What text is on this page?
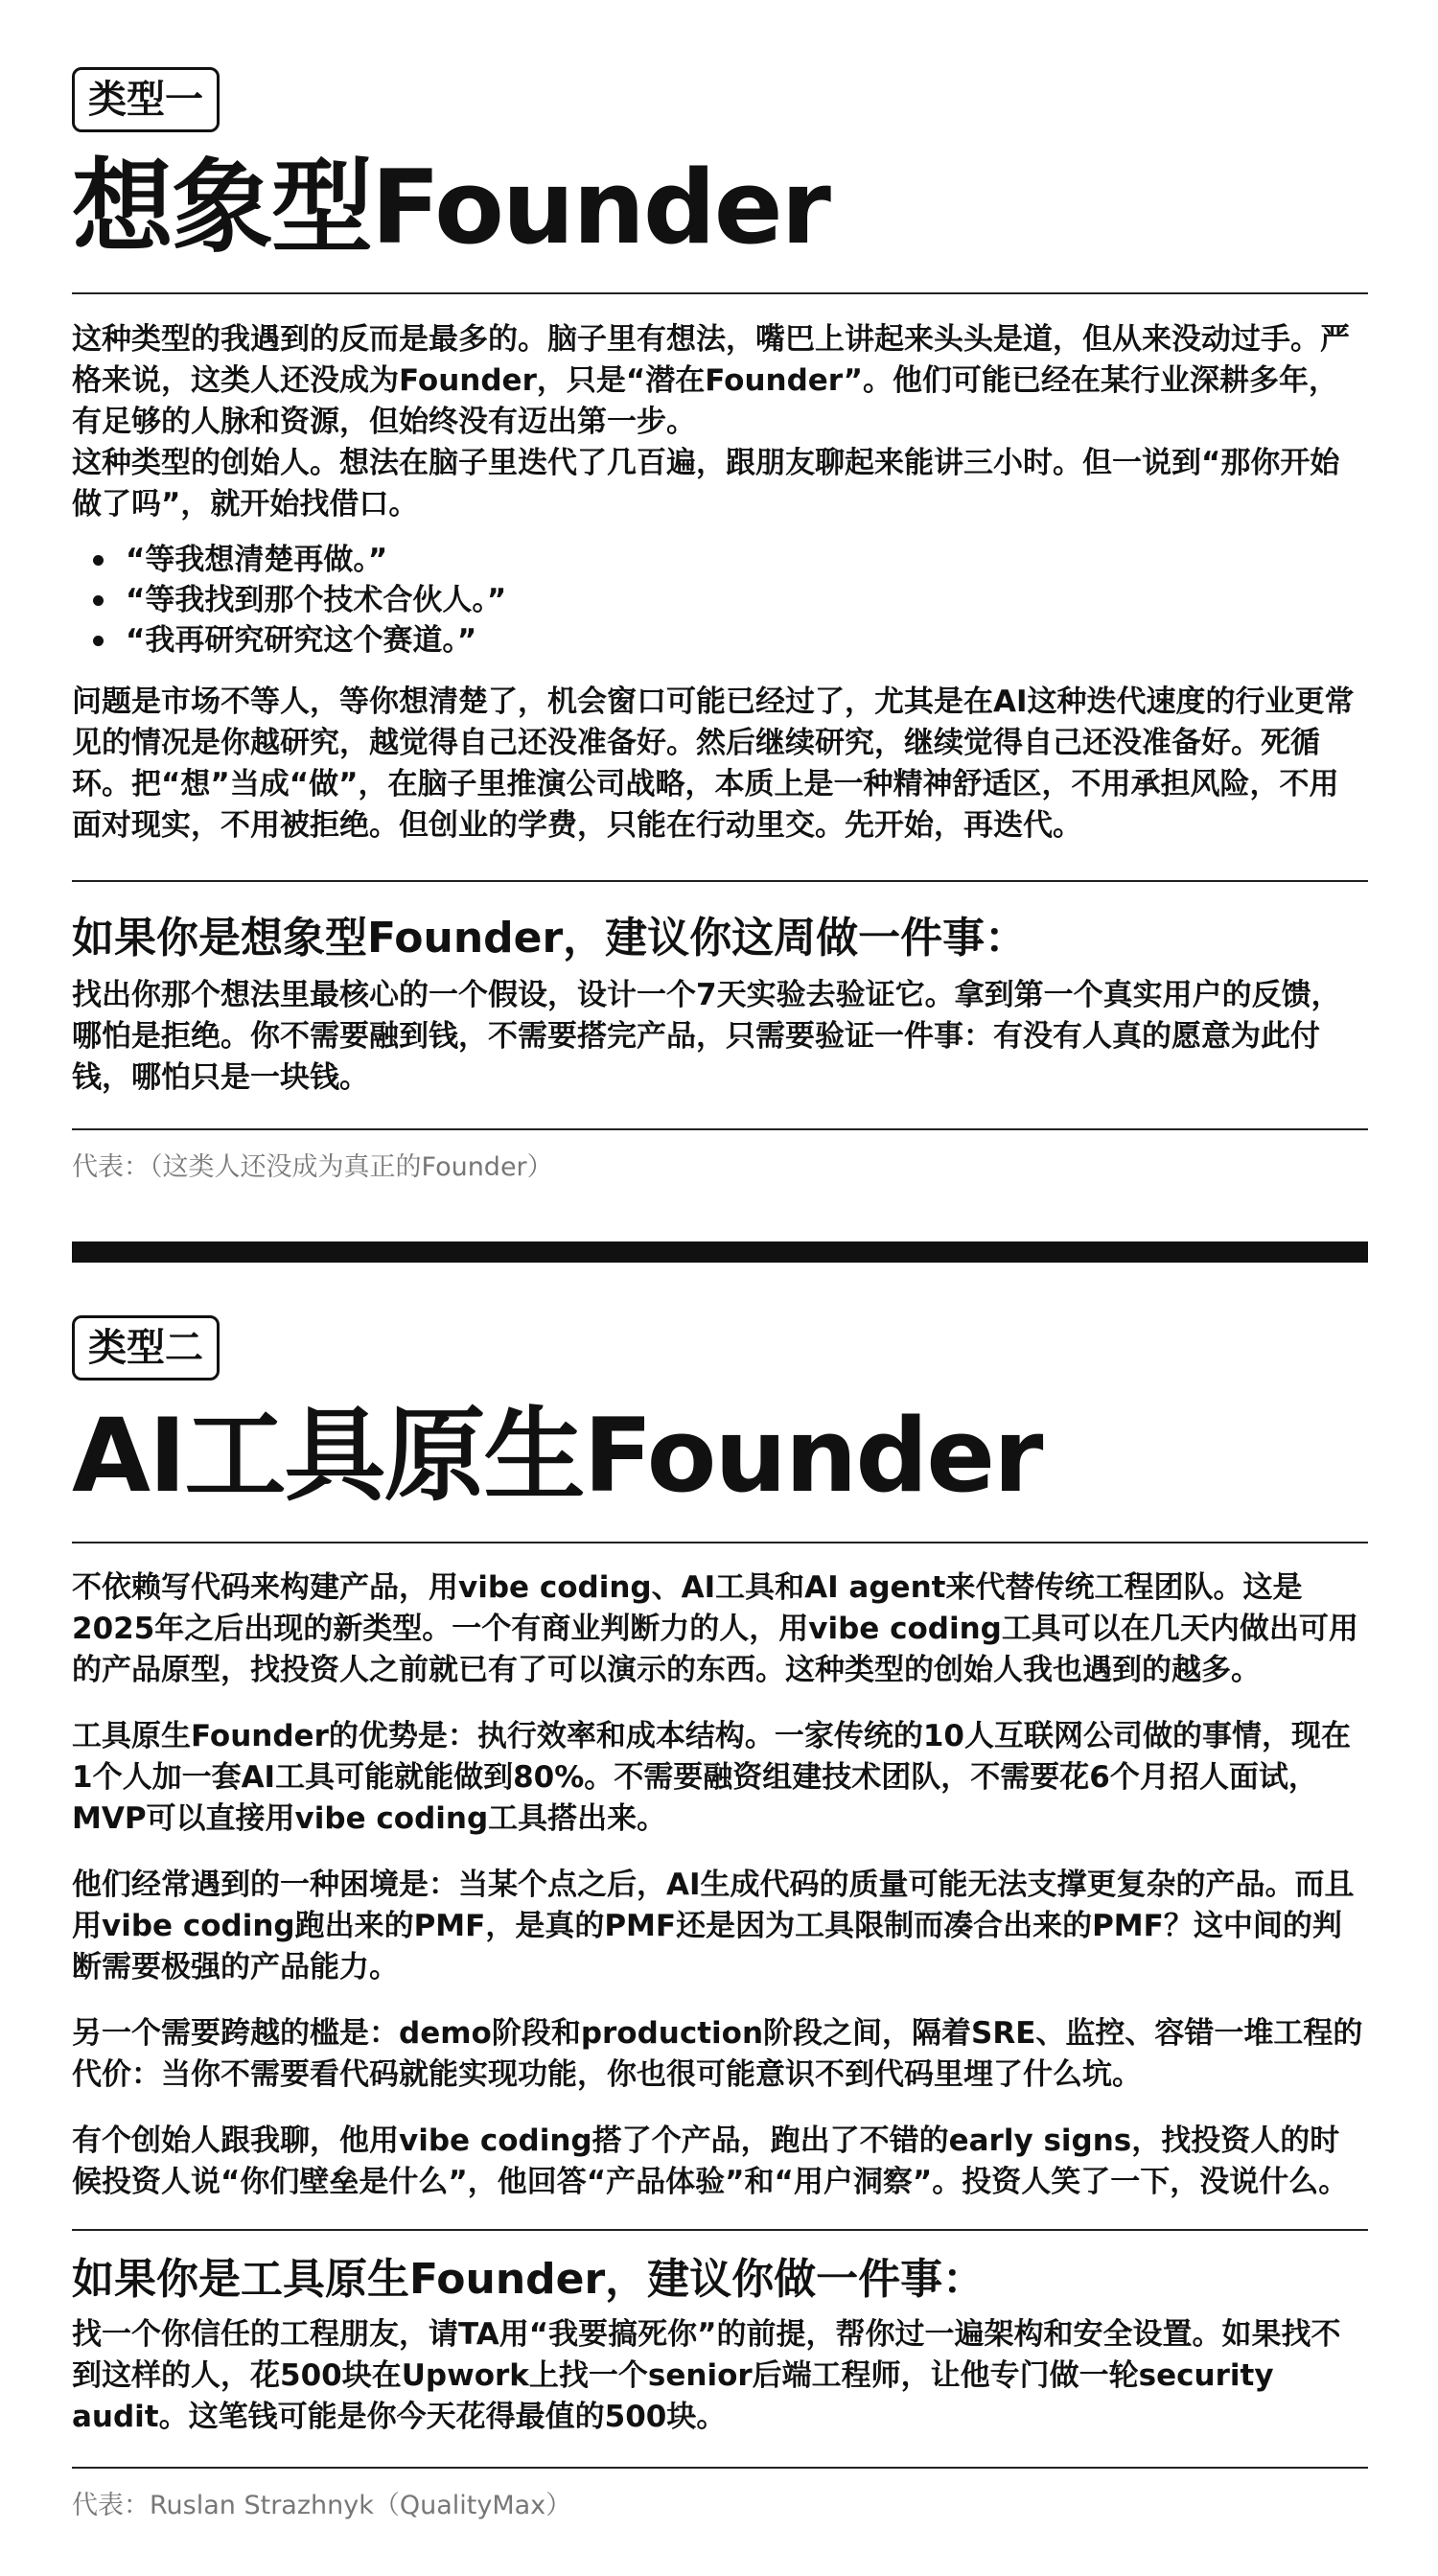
类型一
想象型Founder

这种类型的我遇到的反而是最多的。脑子里有想法，嘴巴上讲起来头头是道，但从来没动过手。严格来说，这类人还没成为Founder，只是“潜在Founder”。他们可能已经在某行业深耕多年，有足够的人脉和资源，但始终没有迈出第一步。

这种类型的创始人。想法在脑子里迭代了几百遍，跟朋友聊起来能讲三小时。但一说到“那你开始做了吗”，就开始找借口。

“等我想清楚再做。”
“等我找到那个技术合伙人。”
“我再研究研究这个赛道。”

问题是市场不等人，等你想清楚了，机会窗口可能已经过了，尤其是在AI这种迭代速度的行业更常见的情况是你越研究，越觉得自己还没准备好。然后继续研究，继续觉得自己还没准备好。死循环。把“想”当成“做”，在脑子里推演公司战略，本质上是一种精神舒适区，不用承担风险，不用面对现实，不用被拒绝。但创业的学费，只能在行动里交。先开始，再迭代。

如果你是想象型Founder，建议你这周做一件事：

找出你那个想法里最核心的一个假设，设计一个7天实验去验证它。拿到第一个真实用户的反馈，哪怕是拒绝。你不需要融到钱，不需要搭完产品，只需要验证一件事：有没有人真的愿意为此付钱，哪怕只是一块钱。

代表：（这类人还没成为真正的Founder）
类型二
AI工具原生Founder

不依赖写代码来构建产品，用vibe coding、AI工具和AI agent来代替传统工程团队。这是2025年之后出现的新类型。一个有商业判断力的人，用vibe coding工具可以在几天内做出可用的产品原型，找投资人之前就已有了可以演示的东西。这种类型的创始人我也遇到的越多。

工具原生Founder的优势是：执行效率和成本结构。一家传统的10人互联网公司做的事情，现在1个人加一套AI工具可能就能做到80%。不需要融资组建技术团队，不需要花6个月招人面试，MVP可以直接用vibe coding工具搭出来。

他们经常遇到的一种困境是：当某个点之后，AI生成代码的质量可能无法支撑更复杂的产品。而且用vibe coding跑出来的PMF，是真的PMF还是因为工具限制而凑合出来的PMF？这中间的判断需要极强的产品能力。

另一个需要跨越的槛是：demo阶段和production阶段之间，隔着SRE、监控、容错一堆工程的代价：当你不需要看代码就能实现功能，你也很可能意识不到代码里埋了什么坑。

有个创始人跟我聊，他用vibe coding搭了个产品，跑出了不错的early signs，找投资人的时候投资人说“你们壁垒是什么”，他回答“产品体验”和“用户洞察”。投资人笑了一下，没说什么。

如果你是工具原生Founder，建议你做一件事：

找一个你信任的工程朋友，请TA用“我要搞死你”的前提，帮你过一遍架构和安全设置。如果找不到这样的人，花500块在Upwork上找一个senior后端工程师，让他专门做一轮security audit。这笔钱可能是你今天花得最值的500块。

代表：Ruslan Strazhnyk（QualityMax）
